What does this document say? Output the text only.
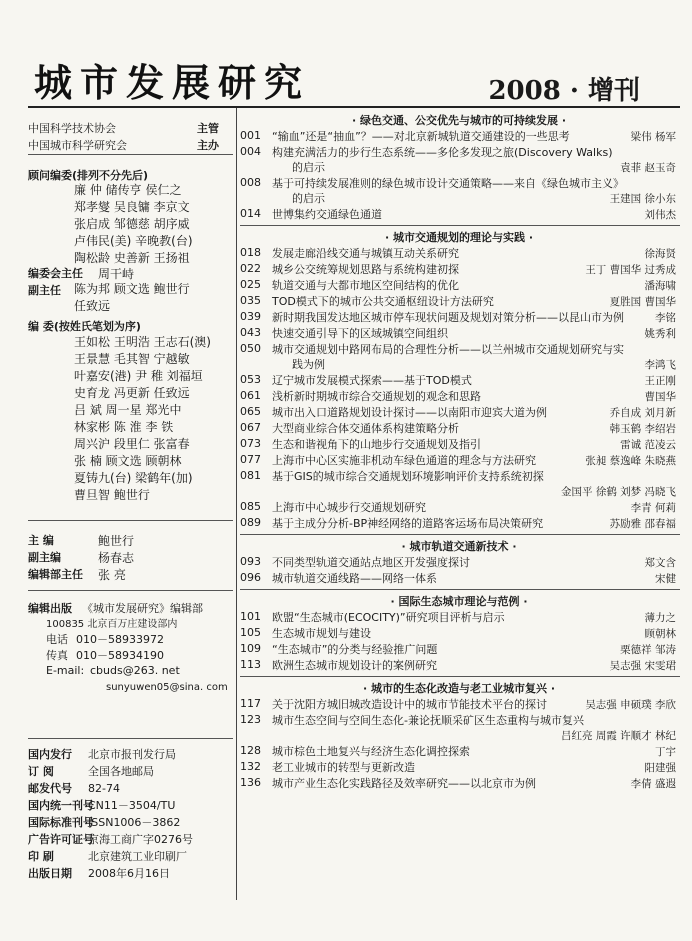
城市发展研究	2008 · 增刊
中国科学技术协会	主管
中国城市科学研究会	主办
顾问编委(排列不分先后)
廉 仲 储传亨 侯仁之
郑孝燮 吴良镛 李京文
张启成 邹德慈 胡序威
卢伟民(美) 辛晚教(台)
陶松龄 史善新 王扬祖
编委会主任 周干峙
副主任 陈为邦 顾文选 鲍世行
任致远
编 委(按姓氏笔划为序)
王如松 王明浩 王志石(澳)
王景慧 毛其智 宁越敏
叶嘉安(港) 尹 稚 刘福垣
史育龙 冯更新 任致远
吕 斌 周一星 郑光中
林家彬 陈 淮 李 铁
周兴沪 段里仁 张富春
张 楠 顾文选 顾朝林
夏铸九(台) 梁鹤年(加)
曹旦智 鲍世行
主 编	鲍世行
副主编	杨春志
编辑部主任 张 亮
编辑出版 《城市发展研究》编辑部
100835 北京百万庄建设部内
电话 010－58933972
传真 010－58934190
E-mail: cbuds@263. net
sunyuwen05@sina. com
国内发行 北京市报刊发行局
订 阅	全国各地邮局
邮发代号 82-74
国内统一刊号CN11－3504/TU
国际标准刊号ISSN1006－3862
广告许可证号京海工商广字0276号
印 刷	北京建筑工业印刷厂
出版日期 2008年6月16日
· 绿色交通、公交优先与城市的可持续发展 ·
001	“输血”还是“抽血”？——对北京新城轨道交通建设的一些思考	梁伟 杨军
004	构建充满活力的步行生态系统——多伦多发现之旅(Discovery Walks)
的启示	袁菲 赵玉奇
008	基于可持续发展准则的绿色城市设计交通策略——来自《绿色城市主义》
的启示	王建国 徐小东
014	世博集约交通绿色通道	刘伟杰
· 城市交通规划的理论与实践 ·
018	发展走廊沿线交通与城镇互动关系研究	徐海贤
022	城乡公交统筹规划思路与系统构建初探	王丁 曹国华 过秀成
025	轨道交通与大都市地区空间结构的优化	潘海啸
035	TOD模式下的城市公共交通枢纽设计方法研究	夏胜国 曹国华
039	新时期我国发达地区城市停车现状问题及规划对策分析——以昆山市为例	李铭
043	快速交通引导下的区域城镇空间组织	姚秀利
050	城市交通规划中路网布局的合理性分析——以兰州城市交通规划研究与实
践为例	李鸿飞
053	辽宁城市发展模式探索——基于TOD模式	王正刚
061	浅析新时期城市综合交通规划的观念和思路	曹国华
065	城市出入口道路规划设计探讨——以南阳市迎宾大道为例	乔自成 刘月新
067	大型商业综合体交通体系构建策略分析	韩玉鹤 李绍岩
073	生态和谐视角下的山地步行交通规划及指引	雷诚 范凌云
077	上海市中心区实施非机动车绿色通道的理念与方法研究	张昶 蔡逸峰 朱晓燕
081	基于GIS的城市综合交通规划环境影响评价支持系统初探
金国平 徐鹤 刘梦 冯晓飞
085	上海市中心城步行交通规划研究	李青 何莉
089	基于主成分分析-BP神经网络的道路客运场布局决策研究	苏励雅 邵春福
· 城市轨道交通新技术 ·
093	不同类型轨道交通站点地区开发强度探讨	郑文含
096	城市轨道交通线路——网络一体系	宋健
· 国际生态城市理论与范例 ·
101	欧盟“生态城市(ECOCITY)”研究项目评析与启示	薄力之
105	生态城市规划与建设	顾朝林
109	“生态城市”的分类与经验推广问题	栗德祥 邹涛
113	欧洲生态城市规划设计的案例研究	吴志强 宋雯珺
· 城市的生态化改造与老工业城市复兴 ·
117	关于沈阳方城旧城改造设计中的城市节能技术平台的探讨	吴志强 申硕璞 李欣
123	城市生态空间与空间生态化-兼论抚顺采矿区生态重构与城市复兴
吕红亮 周霞 许顺才 林纪
128	城市棕色土地复兴与经济生态化调控探索	丁宇
132	老工业城市的转型与更新改造	阳建强
136	城市产业生态化实践路径及效率研究——以北京市为例	李倩 盛遐
